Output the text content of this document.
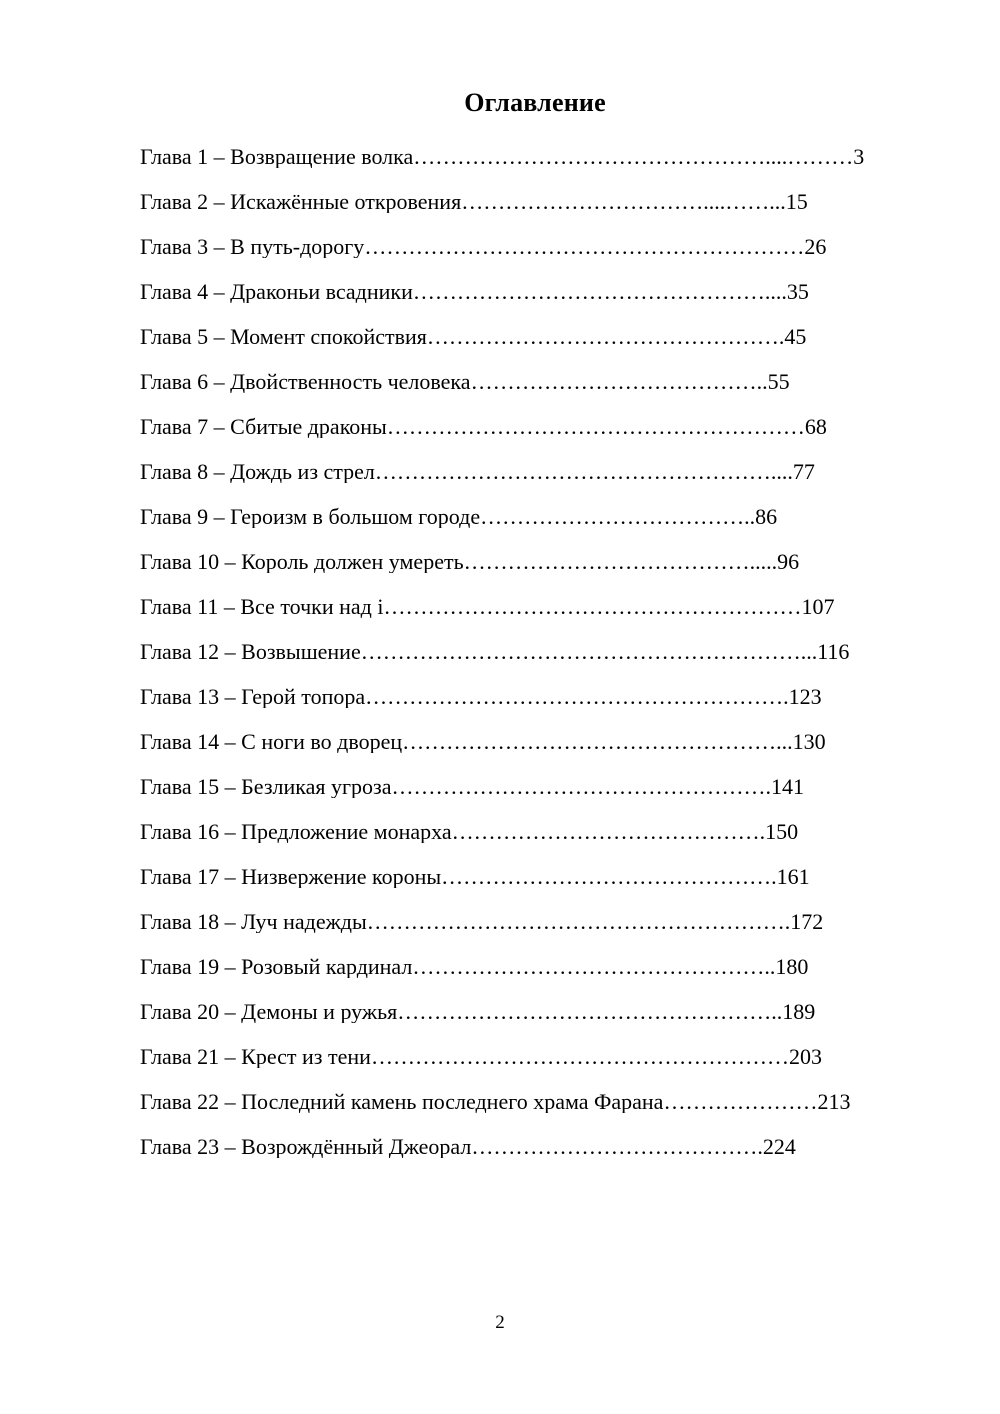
Оглавление
Глава 1 – Возвращение волка…………………………………………....………3
Глава 2 – Искажённые откровения……………………………....……...15
Глава 3 – В путь-дорогу……………………………………………………26
Глава 4 – Драконьи всадники…………………………………………....35
Глава 5 – Момент спокойствия………………………………………….45
Глава 6 – Двойственность человека…………………………………..55
Глава 7 – Сбитые драконы…………………………………………………68
Глава 8 – Дождь из стрел………………………………………………....77
Глава 9 – Героизм в большом городе………………………………..86
Глава 10 – Король должен умереть………………………………….....96
Глава 11 – Все точки над і…………………………………………………107
Глава 12 – Возвышение……………………………………………………...116
Глава 13 – Герой топора………………………………………………….123
Глава 14 – С ноги во дворец……………………………………………...130
Глава 15 – Безликая угроза…………………………………………….141
Глава 16 – Предложение монарха…………………………………….150
Глава 17 – Низвержение короны……………………………………….161
Глава 18 – Луч надежды………………………………………………….172
Глава 19 – Розовый кардинал…………………………………………..180
Глава 20 – Демоны и ружья……………………………………………..189
Глава 21 – Крест из тени…………………………………………………203
Глава 22 – Последний камень последнего храма Фарана…………………213
Глава 23 – Возрождённый Джеорал………………………………….224
2
